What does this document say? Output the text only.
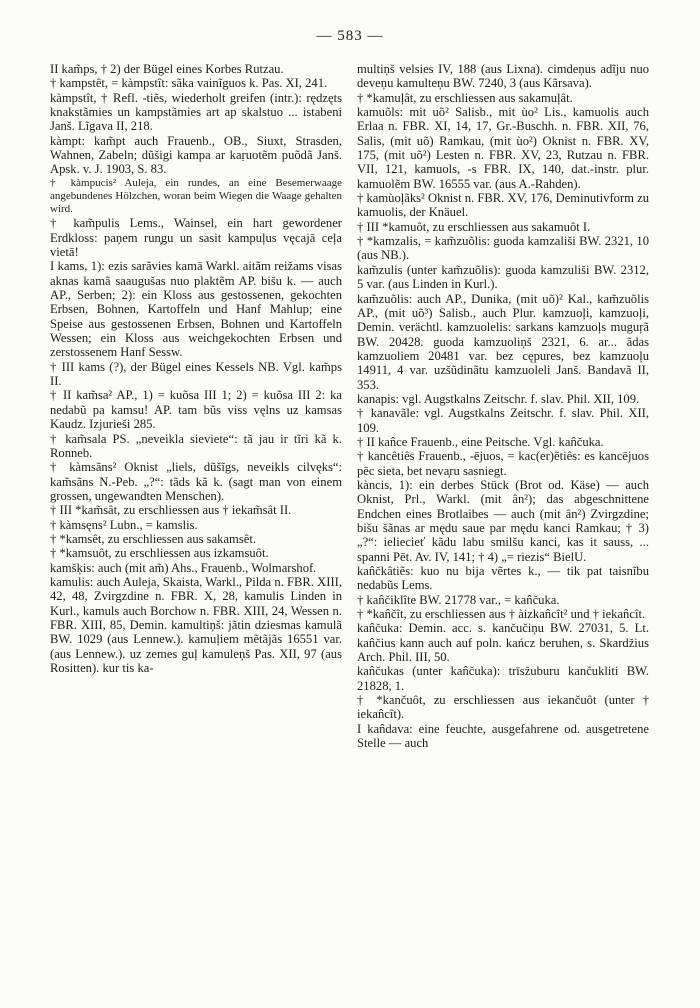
— 583 —

II kam̃ps, † 2) der Bügel eines Korbes Rutzau.

† kampstêt, = kàmpstît: sãka vainĩguos k. Pas. XI, 241.

kàmpstît, † Refl. -tiẽs, wiederholt greifen (intr.): rędzęts knakstãmies un kampstãmies art ap skalstuo ... istabeni Janš. Lĩgava II, 218.

kàmpt: kam̃pt auch Frauenb., OB., Siuxt, Strasden, Wahnen, Zabeln; dũšigi kampa ar kaṛuotẽm puõdã Janš. Apsk. v. J. 1903, S. 83.

† kàmpucis² Auleja, ein rundes, an eine Besemerwaage angebundenes Hölzchen, woran beim Wiegen die Waage gehalten wird.

† kam̃pulis Lems., Wainsel, ein hart gewordener Erdkloss: paņem run̦gu un sasit kampuļus vęcajā ceļa vietā!

I kams, 1): ezis sarãvies kamā Warkl. aitãm reižams visas aknas kamã saaugušas nuo plaktẽm AP. bišu k. — auch AP., Serben; 2): ein Kloss aus gestossenen, gekochten Erbsen, Bohnen, Kartoffeln und Hanf Mahlup; eine Speise aus gestossenen Erbsen, Bohnen und Kartoffeln Wessen; ein Kloss aus weichgekochten Erbsen und zerstossenem Hanf Sessw.

† III kams (?), der Bügel eines Kessels NB. Vgl. kam̃ps II.

† II kam̃sa² AP., 1) = kuõsa III 1; 2) = kuõsa III 2: ka nedabũ pa kamsu! AP. tam bũs viss vęlns uz kamsas Kaudz. Izjurieši 285.

† kam̃sala PS. „neveikla sieviete“: tã jau ir tĩri kã k. Ronneb.

† kàmsãns² Oknist „liels, dũšĩgs, neveikls cilvęks“: kam̃sãns N.-Peb. „?“: tãds kã k. (sagt man von einem grossen, ungewandten Menschen).

† III *kam̃sât, zu erschliessen aus † iekam̃sât II.

† kàmsęns² Lubn., = kamslis.

† *kamsêt, zu erschliessen aus sakamsêt.

† *kamsuôt, zu erschliessen aus izkamsuôt.

kamšķis: auch (mit am̃) Ahs., Frauenb., Wolmarshof.

kamulis: auch Auleja, Skaista, Warkl., Pilda n. FBR. XIII, 42, 48, Zvirgzdine n. FBR. X, 28, kamulis Linden in Kurl., kamuls auch Borchow n. FBR. XIII, 24, Wessen n. FBR. XIII, 85, Demin. kamultiņš: jãtin dziesmas kamulã BW. 1029 (aus Lennew.). kamuļiem mẽtãjãs 16551 var. (aus Lennew.). uz zemes guļ kamuleņš Pas. XII, 97 (aus Rositten). kur tis ka-

multiņš velsies IV, 188 (aus Lixna). cimdeņus adĩju nuo deveņu kamulteņu BW. 7240, 3 (aus Kãrsava).

† *kamuļât, zu erschliessen aus sakamuļât.

kamuõls: mit uõ² Salisb., mit ùo² Lis., kamuolis auch Erlaa n. FBR. XI, 14, 17, Gr.-Buschh. n. FBR. XII, 76, Salis, (mit uõ) Ramkau, (mit ùo²) Oknist n. FBR. XV, 175, (mit uõ²) Lesten n. FBR. XV, 23, Rutzau n. FBR. VII, 121, kamuols, -s FBR. IX, 140, dat.-instr. plur. kamuolẽm BW. 16555 var. (aus A.-Rahden).

† kamùoļãks² Oknist n. FBR. XV, 176, Deminutivform zu kamuolis, der Knäuel.

† III *kamuôt, zu erschliessen aus sakamuôt I.

† *kamzalis, = kam̃zuõlis: guoda kamzališi BW. 2321, 10 (aus NB.).

kam̃zulis (unter kam̃zuõlis): guoda kamzuliši BW. 2312, 5 var. (aus Linden in Kurl.).

kam̃zuõlis: auch AP., Dunika, (mit uõ)² Kal., kam̃zuõlis AP., (mit uõ³) Salisb., auch Plur. kamzuoļi, kamzuoļi, Demin. verächtl. kamzuolelis: sarkans kamzuoļs muguŗã BW. 20428. guoda kamzuoliņš 2321, 6. ar... ãdas kamzuoliem 20481 var. bez cępures, bez kamzuoļu 14911, 4 var. uzšũdinãtu kamzuoleli Janš. Bandavã II, 353.

kanapis: vgl. Augstkalns Zeitschr. f. slav. Phil. XII, 109.

† kanavãle: vgl. Augstkalns Zeitschr. f. slav. Phil. XII, 109.

† II kan̂ce Frauenb., eine Peitsche. Vgl. kan̂čuka.

† kancêtiês Frauenb., -ējuos, = kac(er)ẽtiês: es kancējuos pēc sieta, bet neva̦ru sasniegt.

kàncis, 1): ein derbes Stück (Brot od. Käse) — auch Oknist, Prl., Warkl. (mit ân²); das abgeschnittene Endchen eines Brotlaibes — auch (mit ân²) Zvirgzdine; bišu šãnas ar mędu saue par mędu kanci Ramkau; † 3) „?“: ieliecieť kãdu labu smilšu kanci, kas it sauss, ... spanni Pēt. Av. IV, 141; † 4) „= riezis“ BielU.

kan̂čkâtiẽs: kuo nu bija vẽrtes k., — tik pat taisnĩbu nedabũs Lems.

† kan̂čiklîte BW. 21778 var., = kan̂čuka.

† *kan̂čît, zu erschliessen aus † àizkan̂cît² und † iekan̂cît.

kan̂čuka: Demin. acc. s. kančučiņu BW. 27031, 5. Lt. kan̂čius kann auch auf poln. kańcz beruhen, s. Skardžius Arch. Phil. III, 50.

kan̂čukas (unter kan̂čuka): trīsžuburu kančukliti BW. 21828, 1.

† *kančuôt, zu erschliessen aus iekančuôt (unter † iekan̂cît).

I kan̂dava: eine feuchte, ausgefahrene od. ausgetretene Stelle — auch
